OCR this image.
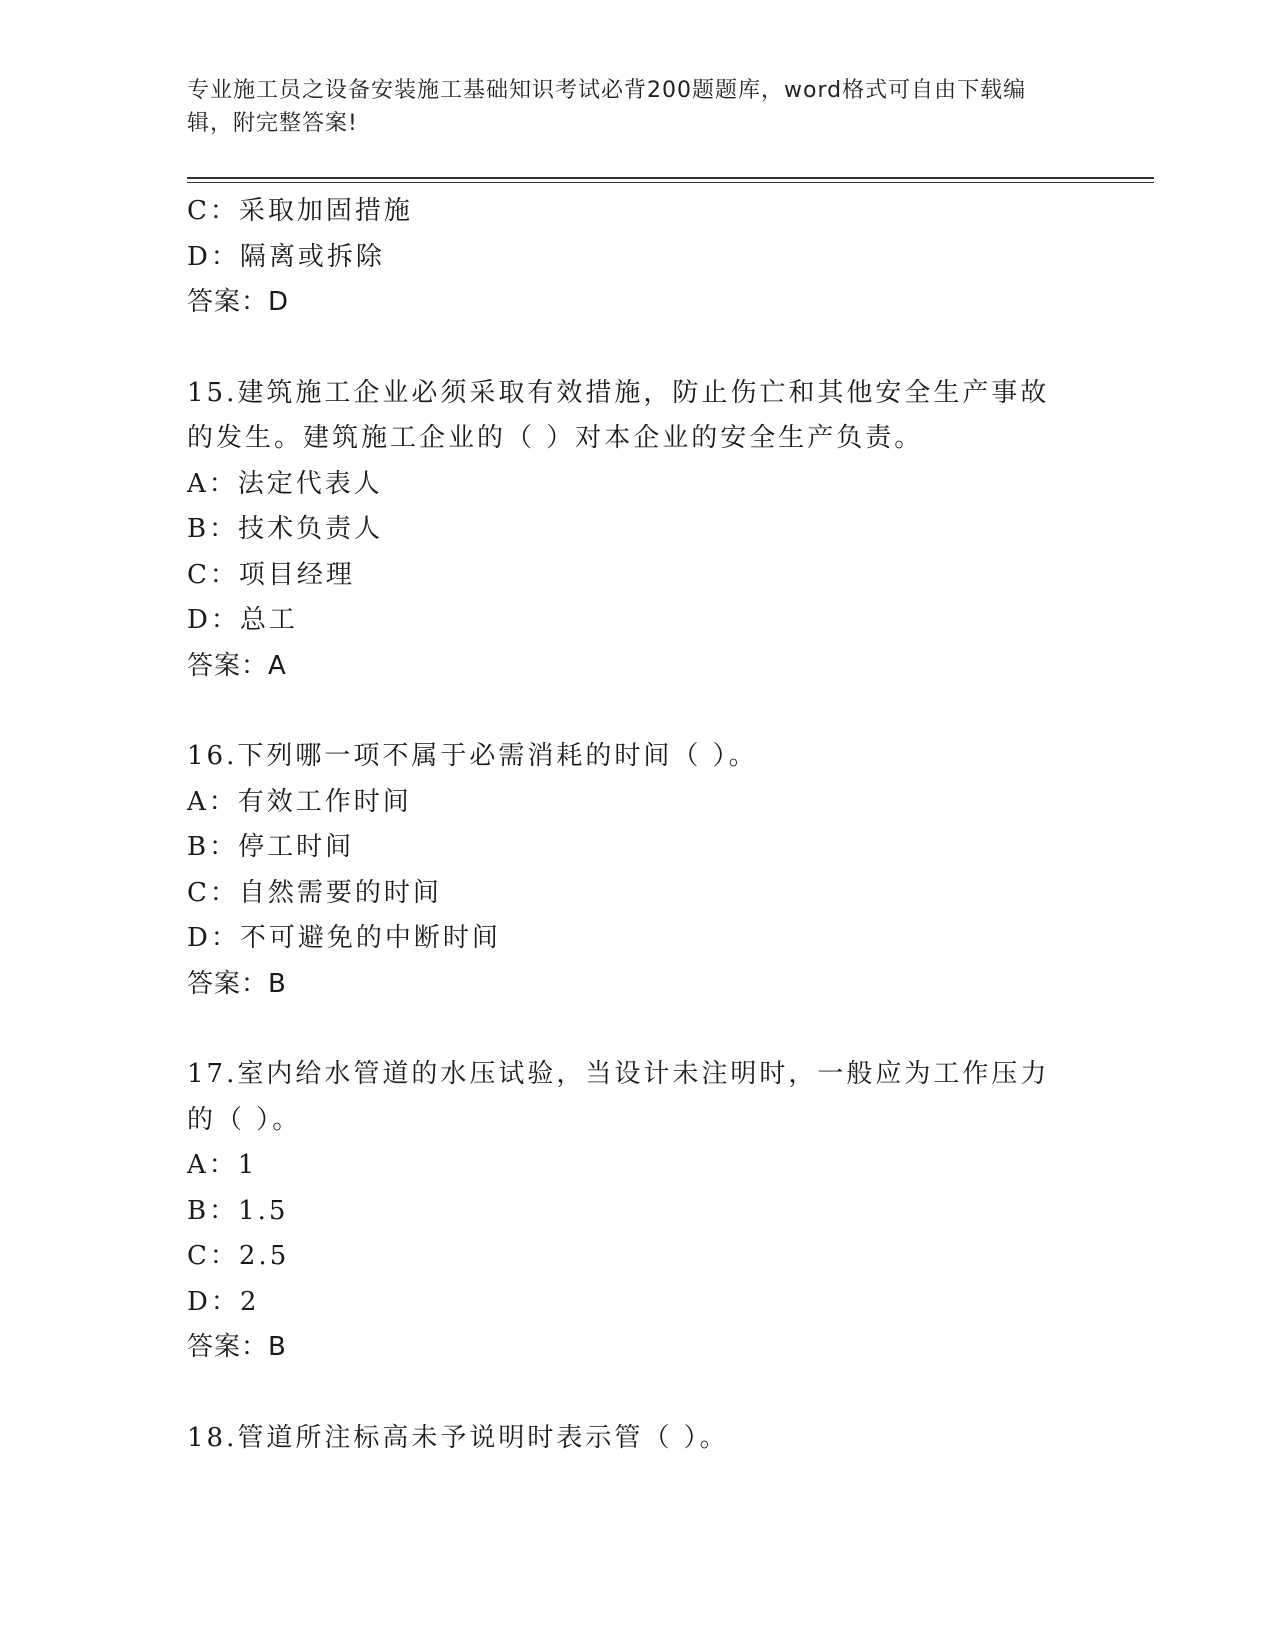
专业施工员之设备安装施工基础知识考试必背200题题库，word格式可自由下载编辑，附完整答案!
C：采取加固措施
D：隔离或拆除
答案：D
15.建筑施工企业必须采取有效措施，防止伤亡和其他安全生产事故的发生。建筑施工企业的（ ）对本企业的安全生产负责。
A：法定代表人
B：技术负责人
C：项目经理
D：总工
答案：A
16.下列哪一项不属于必需消耗的时间（ ）。
A：有效工作时间
B：停工时间
C：自然需要的时间
D：不可避免的中断时间
答案：B
17.室内给水管道的水压试验，当设计未注明时，一般应为工作压力的（ ）。
A：1
B：1.5
C：2.5
D：2
答案：B
18.管道所注标高未予说明时表示管（ ）。
